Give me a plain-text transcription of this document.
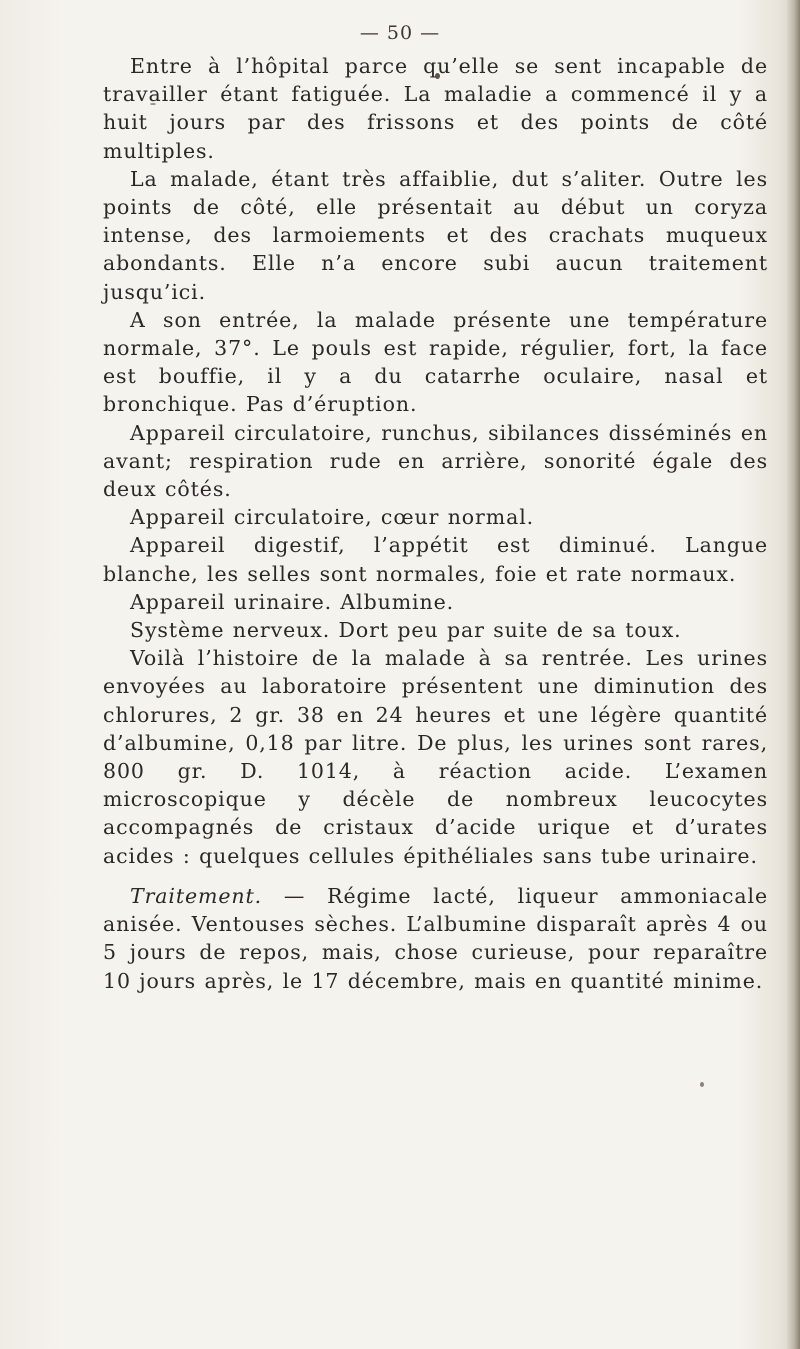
— 50 —

Entre à l’hôpital parce qu’elle se sent incapable de travailler étant fatiguée. La maladie a commencé il y a huit jours par des frissons et des points de côté multiples.

La malade, étant très affaiblie, dut s’aliter. Outre les points de côté, elle présentait au début un coryza intense, des larmoiements et des crachats muqueux abondants. Elle n’a encore subi aucun traitement jusqu’ici.

A son entrée, la malade présente une température normale, 37°. Le pouls est rapide, régulier, fort, la face est bouffie, il y a du catarrhe oculaire, nasal et bronchique. Pas d’éruption.

Appareil circulatoire, runchus, sibilances disséminés en avant; respiration rude en arrière, sonorité égale des deux côtés.

Appareil circulatoire, cœur normal.

Appareil digestif, l’appétit est diminué. Langue blanche, les selles sont normales, foie et rate normaux.

Appareil urinaire. Albumine.

Système nerveux. Dort peu par suite de sa toux.

Voilà l’histoire de la malade à sa rentrée. Les urines envoyées au laboratoire présentent une diminution des chlorures, 2 gr. 38 en 24 heures et une légère quantité d’albumine, 0,18 par litre. De plus, les urines sont rares, 800 gr. D. 1014, à réaction acide. L’examen microscopique y décèle de nombreux leucocytes accompagnés de cristaux d’acide urique et d’urates acides : quelques cellules épithéliales sans tube urinaire.

Traitement. — Régime lacté, liqueur ammoniacale anisée. Ventouses sèches. L’albumine disparaît après 4 ou 5 jours de repos, mais, chose curieuse, pour reparaître 10 jours après, le 17 décembre, mais en quantité minime.
